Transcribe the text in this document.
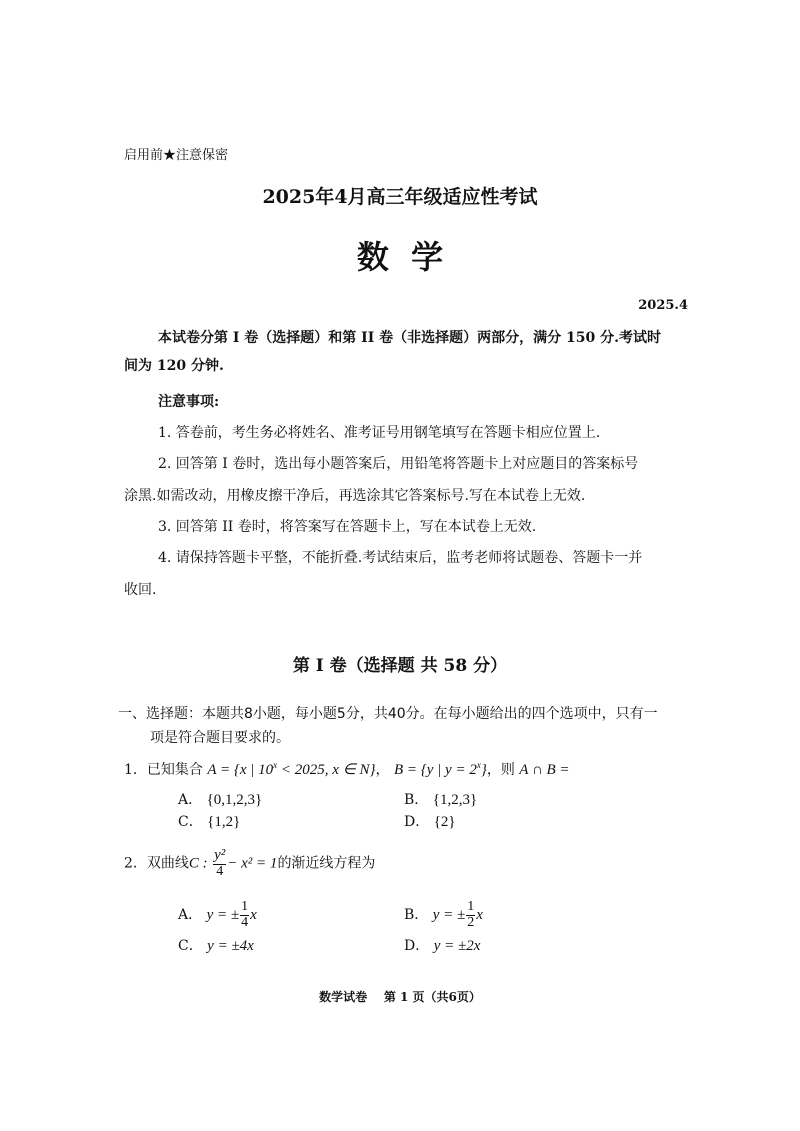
启用前★注意保密
2025年4月高三年级适应性考试
数  学
2025.4
本试卷分第 I 卷（选择题）和第 II 卷（非选择题）两部分，满分 150 分.考试时
间为 120 分钟.
注意事项:
1. 答卷前，考生务必将姓名、准考证号用钢笔填写在答题卡相应位置上.
2. 回答第 I 卷时，选出每小题答案后，用铅笔将答题卡上对应题目的答案标号
涂黑.如需改动，用橡皮擦干净后，再选涂其它答案标号.写在本试卷上无效.
3. 回答第 II 卷时，将答案写在答题卡上，写在本试卷上无效.
4. 请保持答题卡平整，不能折叠.考试结束后，监考老师将试题卷、答题卡一并
收回.
第 I 卷（选择题 共 58 分）
一、选择题：本题共8小题，每小题5分，共40分。在每小题给出的四个选项中，只有一
项是符合题目要求的。
1．已知集合 A = {x | $10^x < 2025$, x ∈ N}， B = {y | $y = 2^x$}，则 A ∩ B =
A． {0,1,2,3}	B． {1,2,3}
C． {1,2}	D． {2}
2．双曲线C : $\frac{\text{y²}}{4} - x^2 = 1$的渐近线方程为
A． y = ± $\frac{1}{4}$ x	B． y = ± $\frac{1}{2}$ x
C． y = ±4x	D． y = ±2x
数学试卷    第 1 页（共6页）
